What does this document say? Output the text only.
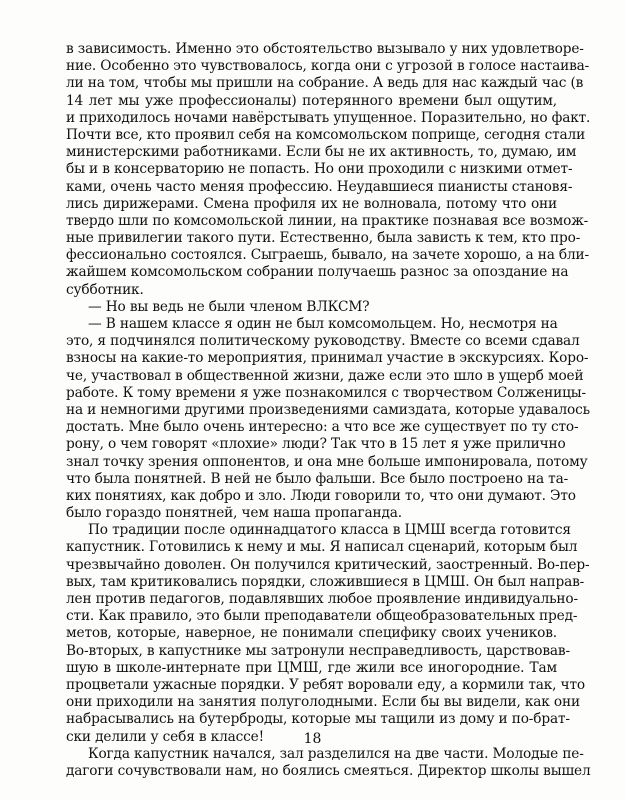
в зависимость. Именно это обстоятельство вызывало у них удовлетворе-
ние. Особенно это чувствовалось, когда они с угрозой в голосе настаива-
ли на том, чтобы мы пришли на собрание. А ведь для нас каждый час (в
14 лет мы уже профессионалы) потерянного времени был ощутим,
и приходилось ночами навёрстывать упущенное. Поразительно, но факт.
Почти все, кто проявил себя на комсомольском поприще, сегодня стали
министерскими работниками. Если бы не их активность, то, думаю, им
бы и в консерваторию не попасть. Но они проходили с низкими отмет-
ками, очень часто меняя профессию. Неудавшиеся пианисты становя-
лись дирижерами. Смена профиля их не волновала, потому что они
твердо шли по комсомольской линии, на практике познавая все возмож-
ные привилегии такого пути. Естественно, была зависть к тем, кто про-
фессионально состоялся. Сыграешь, бывало, на зачете хорошо, а на бли-
жайшем комсомольском собрании получаешь разнос за опоздание на
субботник.
— Но вы ведь не были членом ВЛКСМ?
— В нашем классе я один не был комсомольцем. Но, несмотря на
это, я подчинялся политическому руководству. Вместе со всеми сдавал
взносы на какие-то мероприятия, принимал участие в экскурсиях. Коро-
че, участвовал в общественной жизни, даже если это шло в ущерб моей
работе. К тому времени я уже познакомился с творчеством Солженицы-
на и немногими другими произведениями самиздата, которые удавалось
достать. Мне было очень интересно: а что все же существует по ту сто-
рону, о чем говорят «плохие» люди? Так что в 15 лет я уже прилично
знал точку зрения оппонентов, и она мне больше импонировала, потому
что была понятней. В ней не было фальши. Все было построено на та-
ких понятиях, как добро и зло. Люди говорили то, что они думают. Это
было гораздо понятней, чем наша пропаганда.
По традиции после одиннадцатого класса в ЦМШ всегда готовится
капустник. Готовились к нему и мы. Я написал сценарий, которым был
чрезвычайно доволен. Он получился критический, заостренный. Во-пер-
вых, там критиковались порядки, сложившиеся в ЦМШ. Он был направ-
лен против педагогов, подавлявших любое проявление индивидуально-
сти. Как правило, это были преподаватели общеобразовательных пред-
метов, которые, наверное, не понимали специфику своих учеников.
Во-вторых, в капустнике мы затронули несправедливость, царствовав-
шую в школе-интернате при ЦМШ, где жили все иногородние. Там
процветали ужасные порядки. У ребят воровали еду, а кормили так, что
они приходили на занятия полуголодными. Если бы вы видели, как они
набрасывались на бутерброды, которые мы тащили из дому и по-брат-
ски делили у себя в классе!
Когда капустник начался, зал разделился на две части. Молодые пе-
дагоги сочувствовали нам, но боялись смеяться. Директор школы вышел
18
